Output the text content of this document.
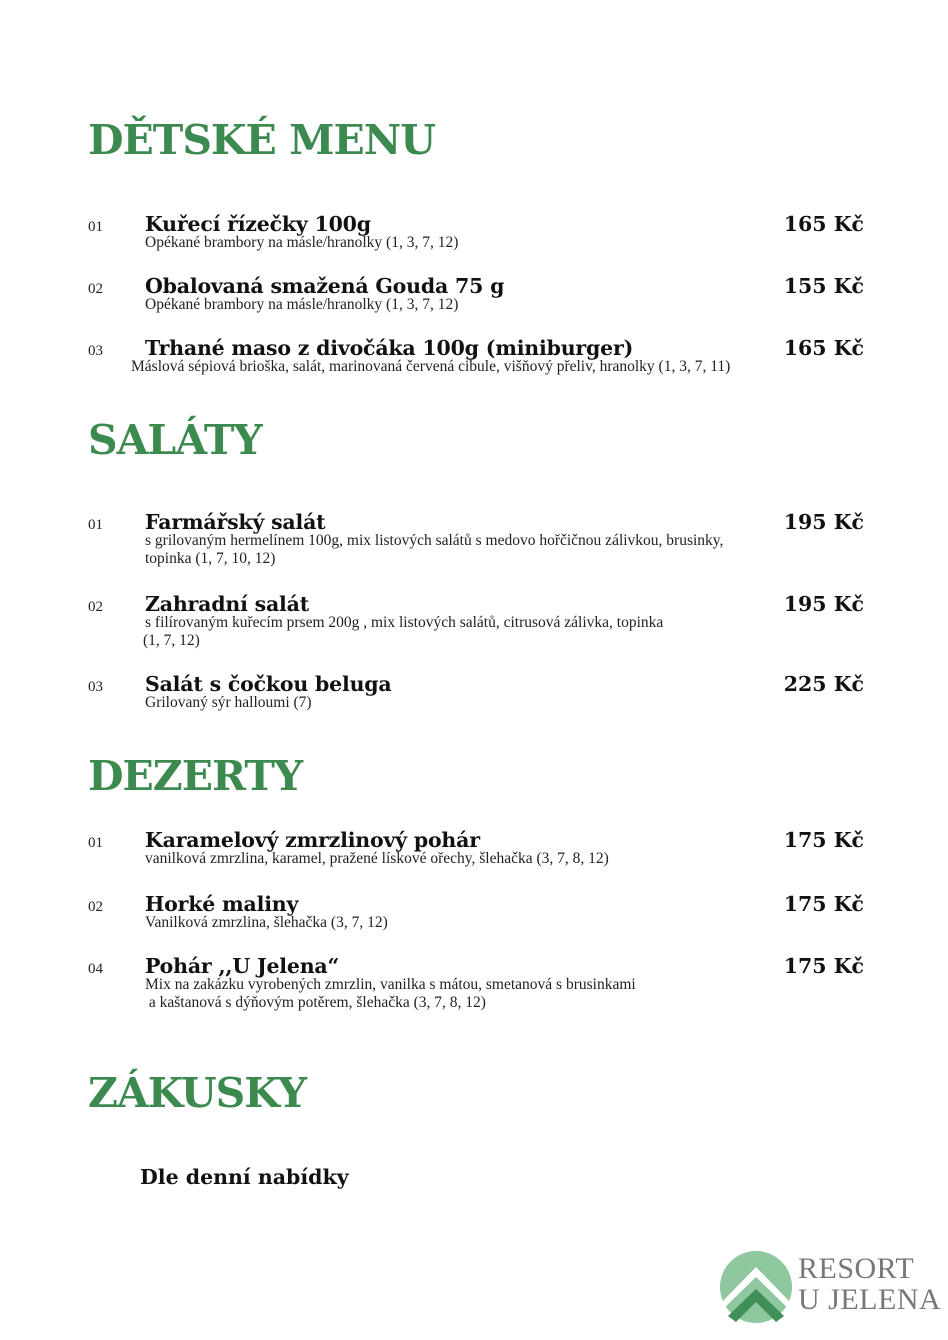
DĚTSKÉ MENU
01 Kuřecí řízečky 100g	165 Kč
Opékané brambory na másle/hranolky (1, 3, 7, 12)
02 Obalovaná smažená Gouda 75 g	155 Kč
Opékané brambory na másle/hranolky (1, 3, 7, 12)
03 Trhané maso z divočáka 100g (miniburger)	165 Kč
Máslová sépiová brioška, salát, marinovaná červená cibule, višňový přeliv, hranolky (1, 3, 7, 11)
SALÁTY
01 Farmářský salát	195 Kč
s grilovaným hermelínem 100g, mix listových salátů s medovo hořčičnou zálivkou, brusinky,
topinka (1, 7, 10, 12)
02 Zahradní salát	195 Kč
s filírovaným kuřecím prsem 200g , mix listových salátů, citrusová zálivka, topinka
(1, 7, 12)
03 Salát s čočkou beluga	225 Kč
Grilovaný sýr halloumi (7)
DEZERTY
01 Karamelový zmrzlinový pohár	175 Kč
vanilková zmrzlina, karamel, pražené lískové ořechy, šlehačka (3, 7, 8, 12)
02 Horké maliny	175 Kč
Vanilková zmrzlina, šlehačka (3, 7, 12)
04 Pohár ,,U Jelena“	175 Kč
Mix na zakázku vyrobených zmrzlin, vanilka s mátou, smetanová s brusinkami
a kaštanová s dýňovým potěrem, šlehačka (3, 7, 8, 12)
ZÁKUSKY

Dle denní nabídky

RESORT
U JELENA
